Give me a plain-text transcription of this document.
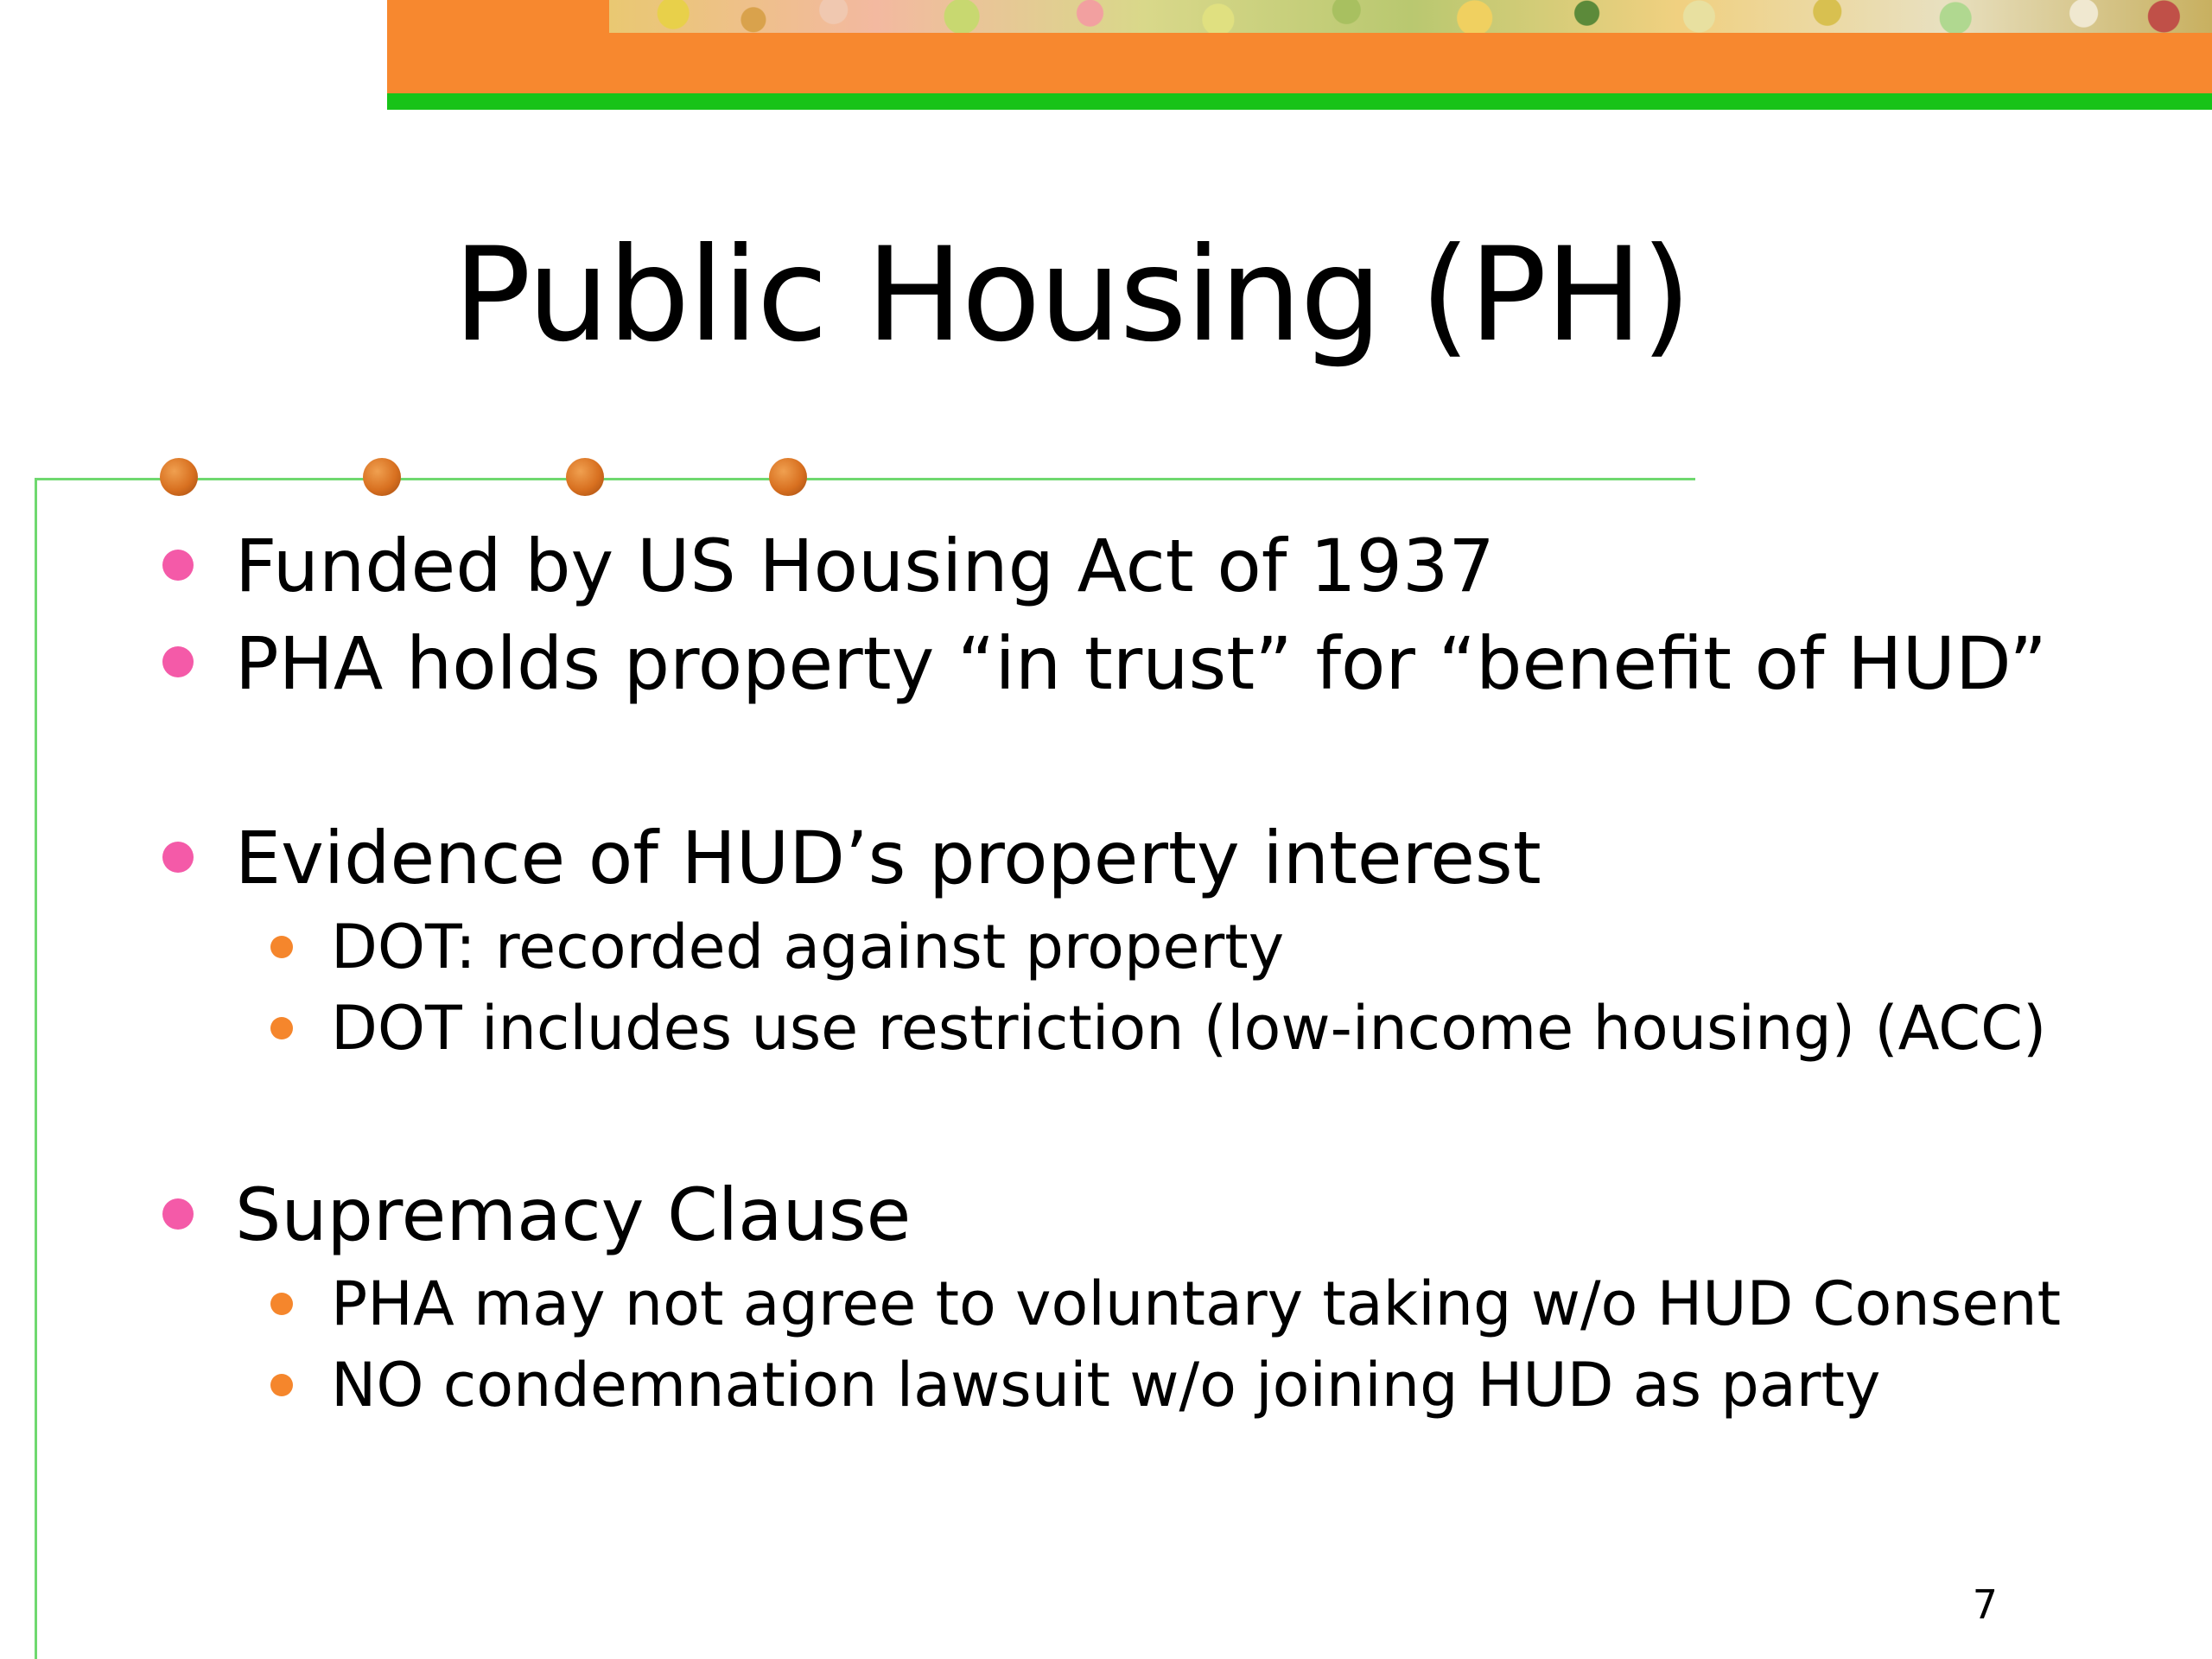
Public Housing (PH)
Funded by US Housing Act of 1937
PHA holds property “in trust” for “benefit of HUD”
Evidence of HUD’s property interest
DOT: recorded against property
DOT includes use restriction (low-income housing) (ACC)
Supremacy Clause
PHA may not agree to voluntary taking w/o HUD Consent
NO condemnation lawsuit w/o joining HUD as party
7
